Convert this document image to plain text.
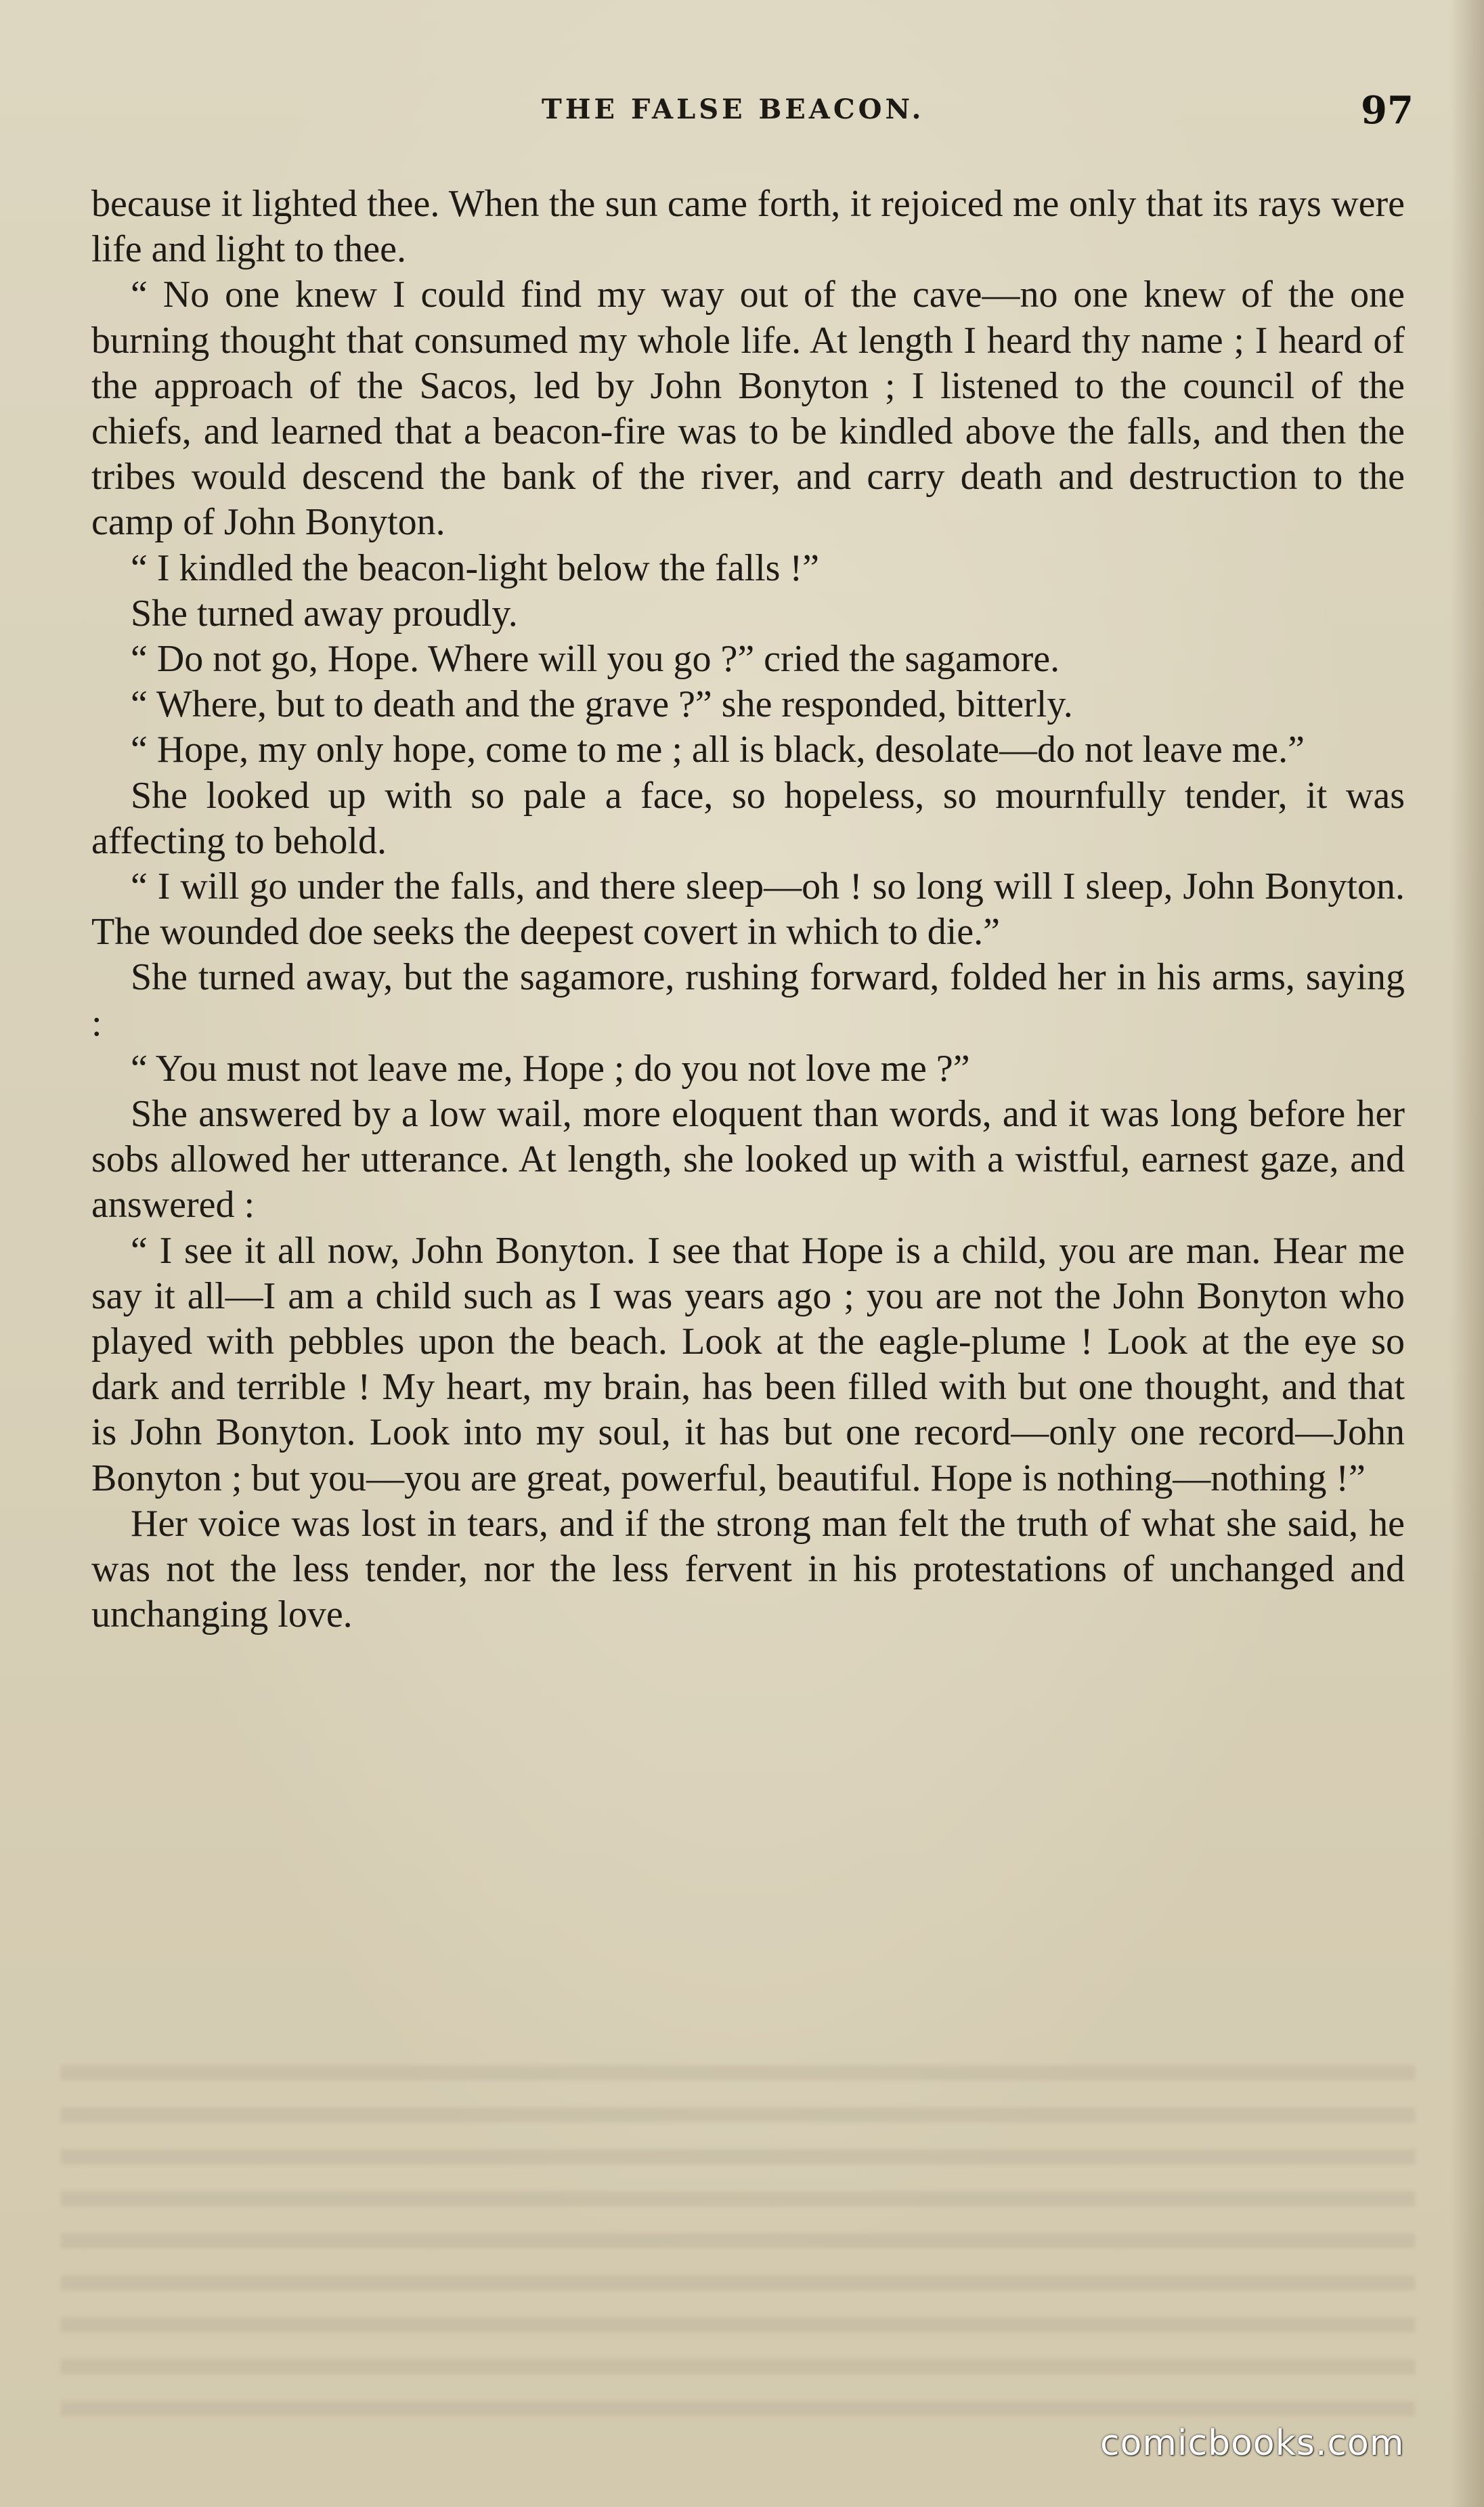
THE FALSE BEACON.	97

because it lighted thee. When the sun came forth, it rejoiced me only that its rays were life and light to thee.

“ No one knew I could find my way out of the cave—no one knew of the one burning thought that consumed my whole life. At length I heard thy name ; I heard of the approach of the Sacos, led by John Bonyton ; I listened to the council of the chiefs, and learned that a beacon-fire was to be kindled above the falls, and then the tribes would descend the bank of the river, and carry death and destruction to the camp of John Bonyton.

“ I kindled the beacon-light below the falls !”

She turned away proudly.

“ Do not go, Hope. Where will you go ?” cried the sagamore.

“ Where, but to death and the grave ?” she responded, bitterly.

“ Hope, my only hope, come to me ; all is black, desolate—do not leave me.”

She looked up with so pale a face, so hopeless, so mournfully tender, it was affecting to behold.

“ I will go under the falls, and there sleep—oh ! so long will I sleep, John Bonyton. The wounded doe seeks the deepest covert in which to die.”

She turned away, but the sagamore, rushing forward, folded her in his arms, saying :

“ You must not leave me, Hope ; do you not love me ?”

She answered by a low wail, more eloquent than words, and it was long before her sobs allowed her utterance. At length, she looked up with a wistful, earnest gaze, and answered :

“ I see it all now, John Bonyton. I see that Hope is a child, you are man. Hear me say it all—I am a child such as I was years ago ; you are not the John Bonyton who played with pebbles upon the beach. Look at the eagle-plume ! Look at the eye so dark and terrible ! My heart, my brain, has been filled with but one thought, and that is John Bonyton. Look into my soul, it has but one record—only one record—John Bonyton ; but you—you are great, powerful, beautiful. Hope is nothing—nothing !”

Her voice was lost in tears, and if the strong man felt the truth of what she said, he was not the less tender, nor the less fervent in his protestations of unchanged and unchanging love.

comicbooks.com
